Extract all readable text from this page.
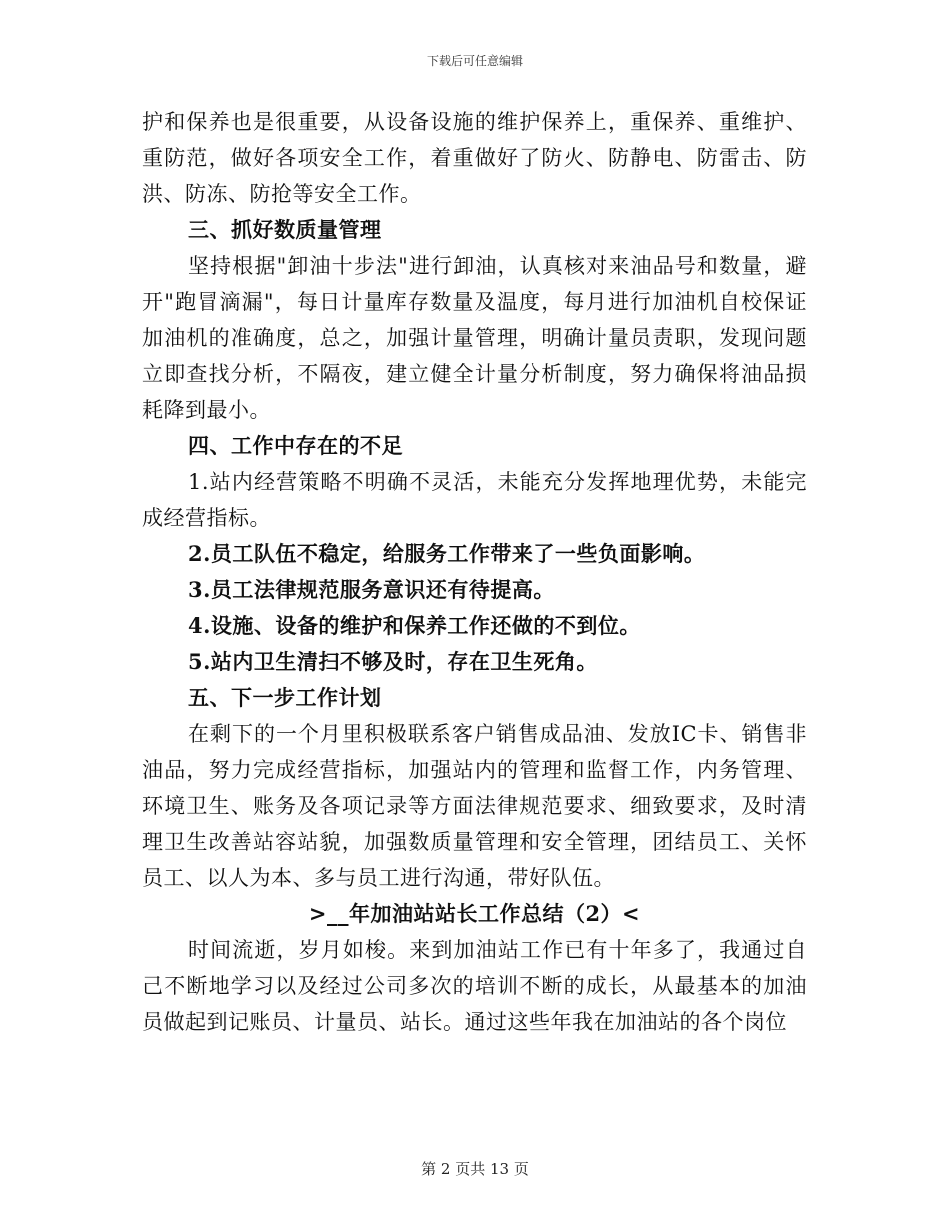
下载后可任意编辑

护和保养也是很重要，从设备设施的维护保养上，重保养、重维护、重防范，做好各项安全工作，着重做好了防火、防静电、防雷击、防洪、防冻、防抢等安全工作。

三、抓好数质量管理

坚持根据"卸油十步法"进行卸油，认真核对来油品号和数量，避开"跑冒滴漏"，每日计量库存数量及温度，每月进行加油机自校保证加油机的准确度，总之，加强计量管理，明确计量员责职，发现问题立即查找分析，不隔夜，建立健全计量分析制度，努力确保将油品损耗降到最小。

四、工作中存在的不足

1.站内经营策略不明确不灵活，未能充分发挥地理优势，未能完成经营指标。

2.员工队伍不稳定，给服务工作带来了一些负面影响。

3.员工法律规范服务意识还有待提高。

4.设施、设备的维护和保养工作还做的不到位。

5.站内卫生清扫不够及时，存在卫生死角。

五、下一步工作计划

在剩下的一个月里积极联系客户销售成品油、发放IC卡、销售非油品，努力完成经营指标，加强站内的管理和监督工作，内务管理、环境卫生、账务及各项记录等方面法律规范要求、细致要求，及时清理卫生改善站容站貌，加强数质量管理和安全管理，团结员工、关怀员工、以人为本、多与员工进行沟通，带好队伍。

>__年加油站站长工作总结（2）<

时间流逝，岁月如梭。来到加油站工作已有十年多了，我通过自己不断地学习以及经过公司多次的培训不断的成长，从最基本的加油员做起到记账员、计量员、站长。通过这些年我在加油站的各个岗位

第 2 页共 13 页
